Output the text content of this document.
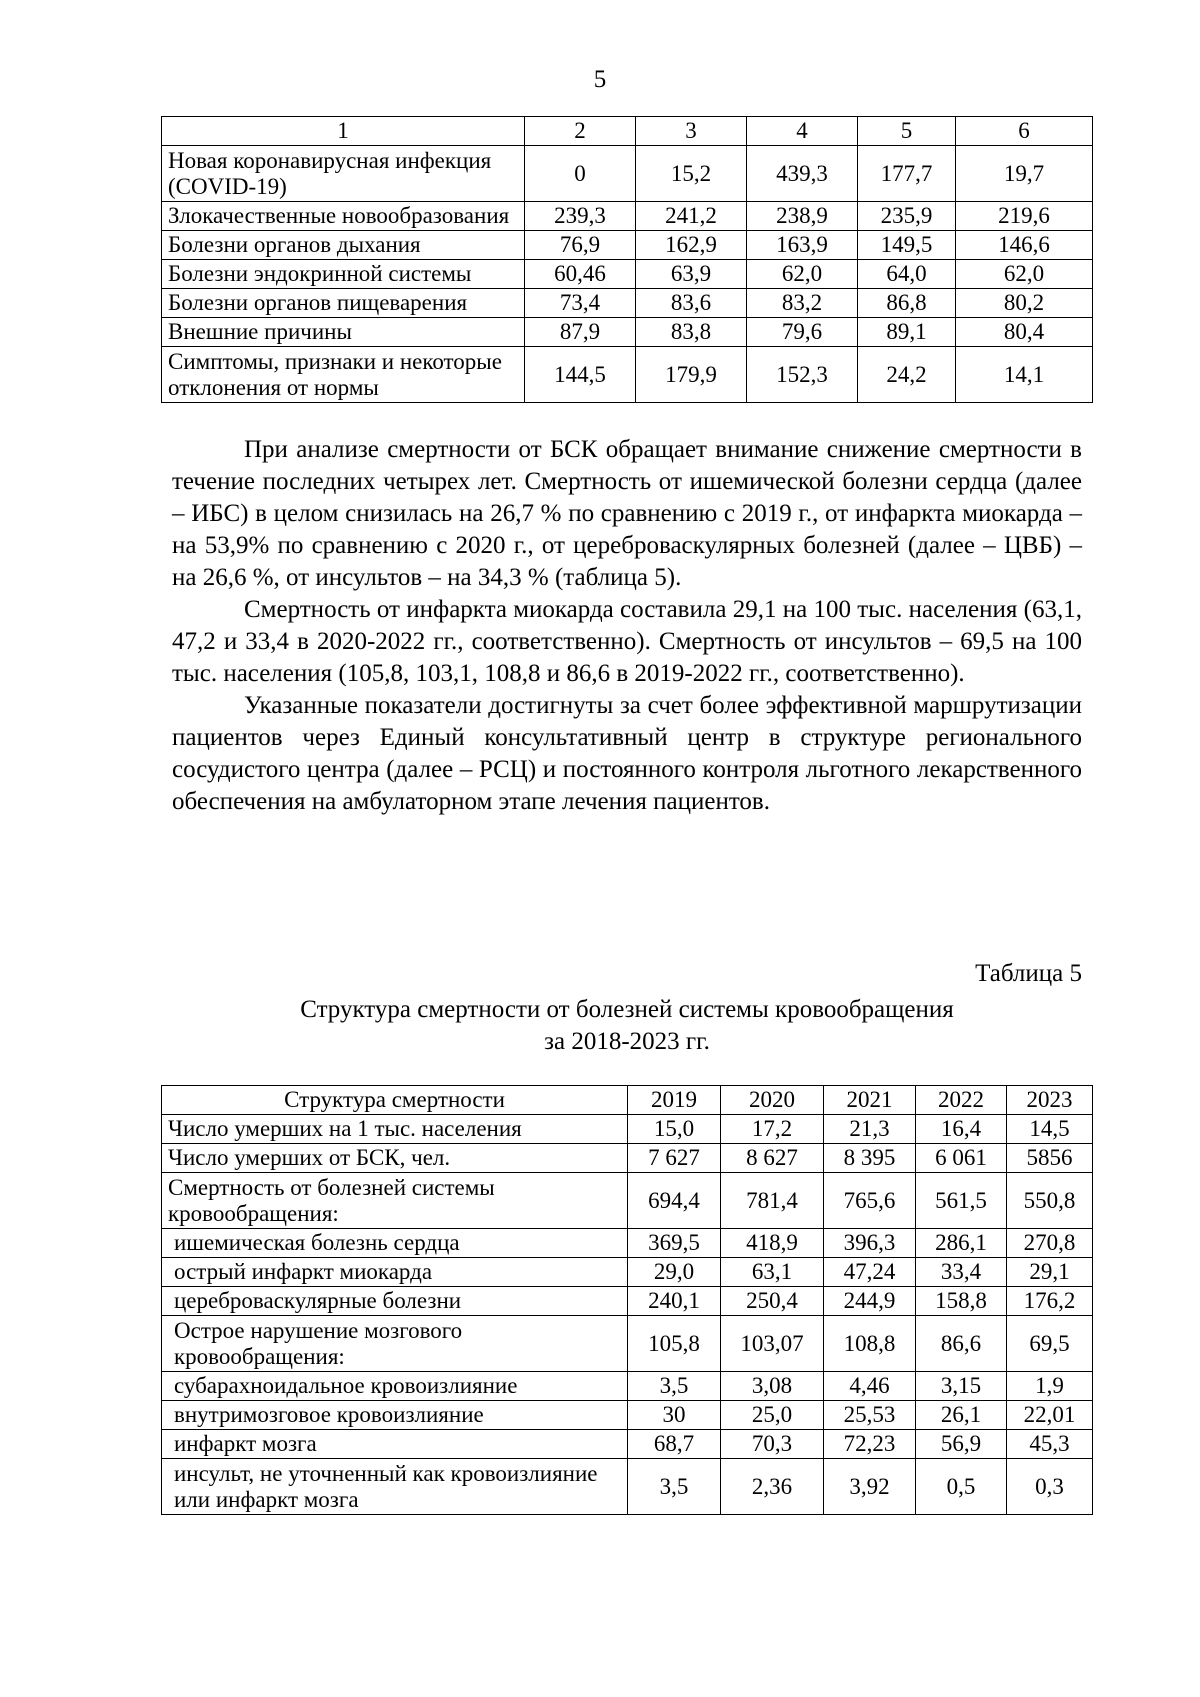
5
1	2	3	4	5	6
Новая коронавирусная инфекция (COVID-19)	0	15,2	439,3	177,7	19,7
Злокачественные новообразования	239,3	241,2	238,9	235,9	219,6
Болезни органов дыхания	76,9	162,9	163,9	149,5	146,6
Болезни эндокринной системы	60,46	63,9	62,0	64,0	62,0
Болезни органов пищеварения	73,4	83,6	83,2	86,8	80,2
Внешние причины	87,9	83,8	79,6	89,1	80,4
Симптомы, признаки и некоторые отклонения от нормы	144,5	179,9	152,3	24,2	14,1

При анализе смертности от БСК обращает внимание снижение смертности в течение последних четырех лет. Смертность от ишемической болезни сердца (далее – ИБС) в целом снизилась на 26,7 % по сравнению с 2019 г., от инфаркта миокарда – на 53,9% по сравнению с 2020 г., от цереброваскулярных болезней (далее – ЦВБ) – на 26,6 %, от инсультов – на 34,3 % (таблица 5).

Смертность от инфаркта миокарда составила 29,1 на 100 тыс. населения (63,1, 47,2 и 33,4 в 2020-2022 гг., соответственно). Смертность от инсультов – 69,5 на 100 тыс. населения (105,8, 103,1, 108,8 и 86,6 в 2019-2022 гг., соответственно).

Указанные показатели достигнуты за счет более эффективной маршрутизации пациентов через Единый консультативный центр в структуре регионального сосудистого центра (далее – РСЦ) и постоянного контроля льготного лекарственного обеспечения на амбулаторном этапе лечения пациентов.

Таблица 5
Структура смертности от болезней системы кровообращения
за 2018-2023 гг.
Структура смертности	2019	2020	2021	2022	2023
Число умерших на 1 тыс. населения	15,0	17,2	21,3	16,4	14,5
Число умерших от БСК, чел.	7 627	8 627	8 395	6 061	5856
Смертность от болезней системы кровообращения:	694,4	781,4	765,6	561,5	550,8
ишемическая болезнь сердца	369,5	418,9	396,3	286,1	270,8
острый инфаркт миокарда	29,0	63,1	47,24	33,4	29,1
цереброваскулярные болезни	240,1	250,4	244,9	158,8	176,2
Острое нарушение мозгового кровообращения:	105,8	103,07	108,8	86,6	69,5
субарахноидальное кровоизлияние	3,5	3,08	4,46	3,15	1,9
внутримозговое кровоизлияние	30	25,0	25,53	26,1	22,01
инфаркт мозга	68,7	70,3	72,23	56,9	45,3
инсульт, не уточненный как кровоизлияние или инфаркт мозга	3,5	2,36	3,92	0,5	0,3
